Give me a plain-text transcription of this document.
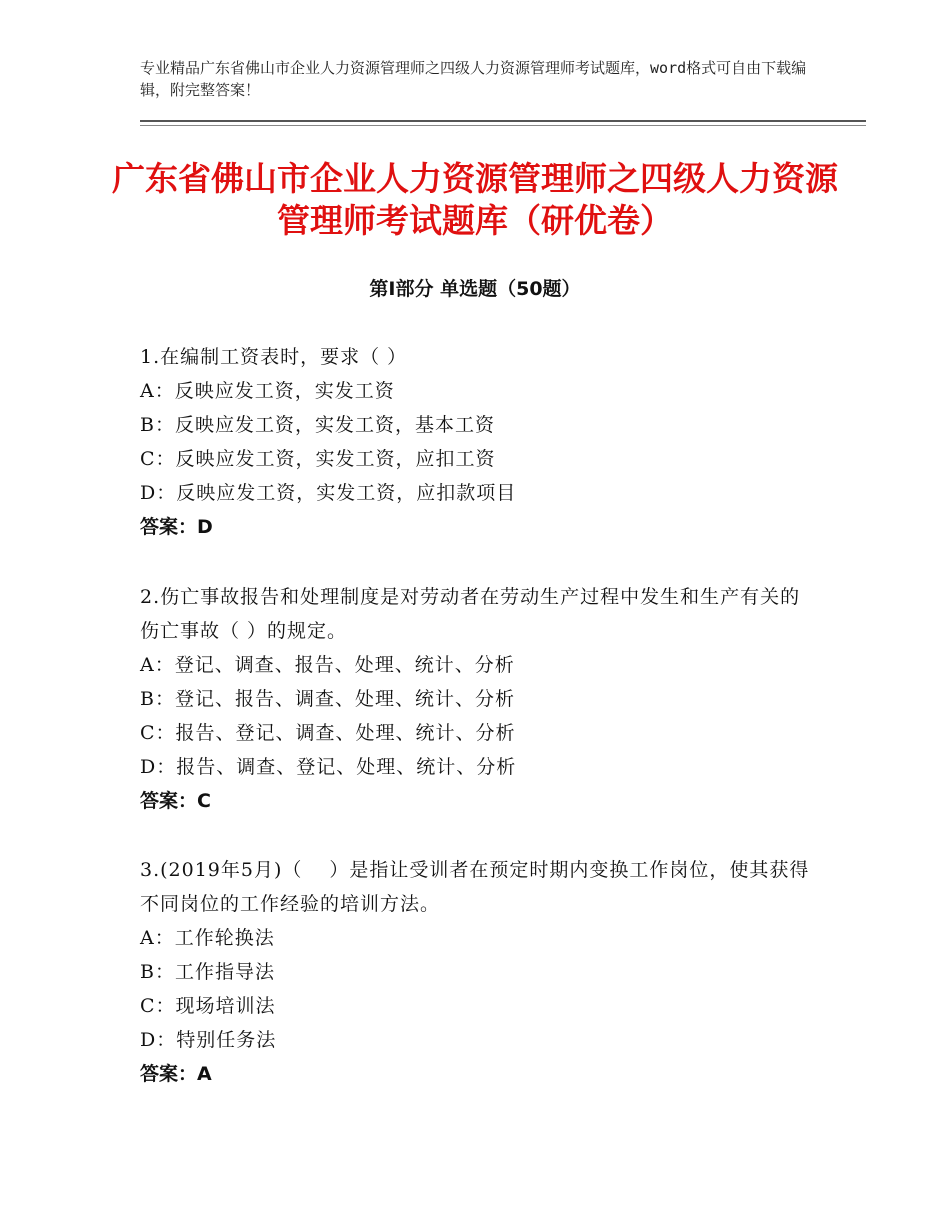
专业精品广东省佛山市企业人力资源管理师之四级人力资源管理师考试题库，word格式可自由下载编辑，附完整答案！
广东省佛山市企业人力资源管理师之四级人力资源管理师考试题库（研优卷）
第Ⅰ部分 单选题（50题）
1.在编制工资表时，要求（ ）
A：反映应发工资，实发工资
B：反映应发工资，实发工资，基本工资
C：反映应发工资，实发工资，应扣工资
D：反映应发工资，实发工资，应扣款项目
答案：D
2.伤亡事故报告和处理制度是对劳动者在劳动生产过程中发生和生产有关的伤亡事故（ ）的规定。
A：登记、调查、报告、处理、统计、分析
B：登记、报告、调查、处理、统计、分析
C：报告、登记、调查、处理、统计、分析
D：报告、调查、登记、处理、统计、分析
答案：C
3.(2019年5月)（　 ）是指让受训者在预定时期内变换工作岗位，使其获得不同岗位的工作经验的培训方法。
A：工作轮换法
B：工作指导法
C：现场培训法
D：特别任务法
答案：A
